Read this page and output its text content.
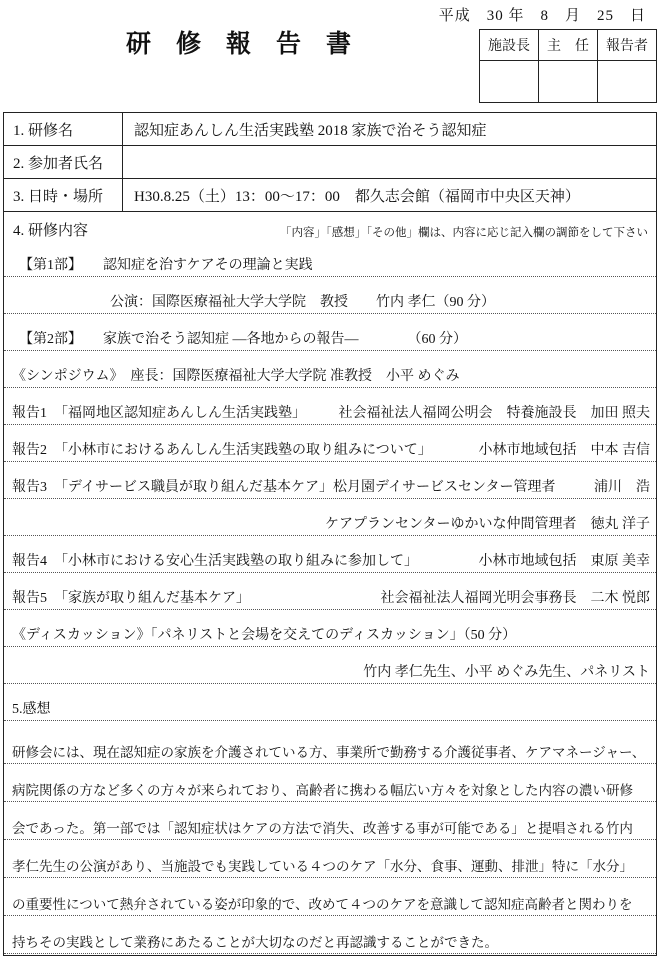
平成　30 年　8　月　25　日
研　修　報　告　書	施設長	主　任	報告者

1. 研修名	認知症あんしん生活実践塾 2018 家族で治そう認知症
2. 参加者氏名	
3. 日時・場所	H30.8.25（土）13：00～17：00　都久志会館（福岡市中央区天神）

4. 研修内容	「内容」「感想」「その他」欄は、内容に応じ記入欄の調節をして下さい
　【第1部】　　認知症を治すケアその理論と実践
　　　　　　　公演：国際医療福祉大学大学院　教授　　竹内 孝仁（90 分）
　【第2部】　　家族で治そう認知症 ―各地からの報告―　　　　（60 分）
《シンポジウム》　座長：国際医療福祉大学大学院 准教授　小平 めぐみ
報告1　「福岡地区認知症あんしん生活実践塾」 社会福祉法人福岡公明会　特養施設長　加田 照夫
報告2　「小林市におけるあんしん生活実践塾の取り組みについて」	小林市地域包括　中本 吉信
報告3　「デイサービス職員が取り組んだ基本ケア」松月園デイサービスセンター管理者	浦川　浩
ケアプランセンターゆかいな仲間管理者　徳丸 洋子
報告4　「小林市における安心生活実践塾の取り組みに参加して」	小林市地域包括　東原 美幸
報告5　「家族が取り組んだ基本ケア」	社会福祉法人福岡光明会事務長　二木 悦郎
《ディスカッション》「パネリストと会場を交えてのディスカッション」（50 分）
竹内 孝仁先生、小平 めぐみ先生、パネリスト
5.感想
研修会には、現在認知症の家族を介護されている方、事業所で勤務する介護従事者、ケアマネージャー、
病院関係の方など多くの方々が来られており、高齢者に携わる幅広い方々を対象とした内容の濃い研修
会であった。第一部では「認知症状はケアの方法で消失、改善する事が可能である」と提唱される竹内
孝仁先生の公演があり、当施設でも実践している４つのケア「水分、食事、運動、排泄」特に「水分」
の重要性について熱弁されている姿が印象的で、改めて４つのケアを意識して認知症高齢者と関わりを
持ちその実践として業務にあたることが大切なのだと再認識することができた。
